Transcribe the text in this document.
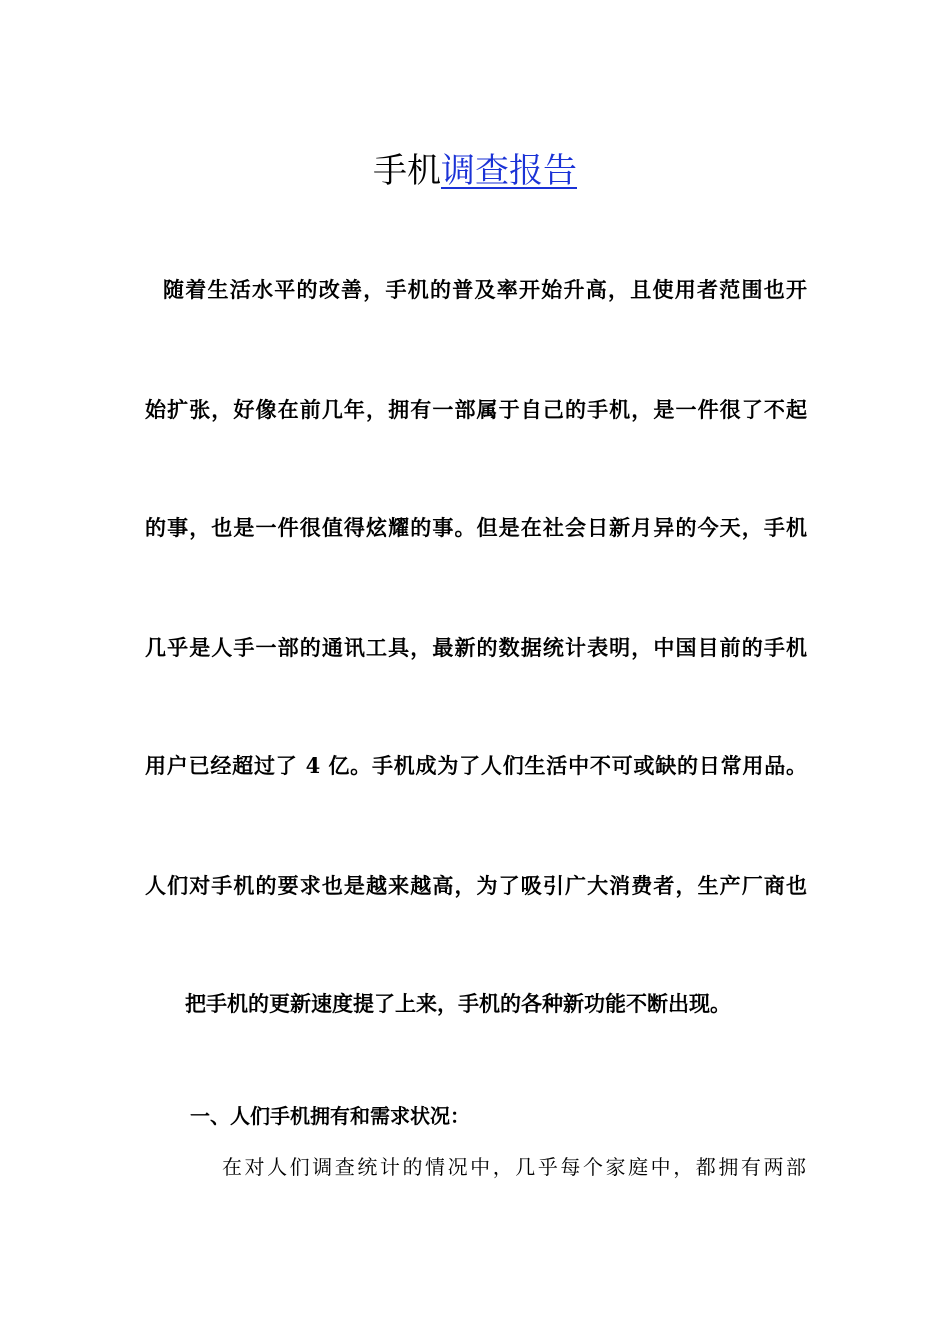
手机调查报告
随着生活水平的改善，手机的普及率开始升高，且使用者范围也开
始扩张，好像在前几年，拥有一部属于自己的手机，是一件很了不起
的事，也是一件很值得炫耀的事。但是在社会日新月异的今天，手机
几乎是人手一部的通讯工具，最新的数据统计表明，中国目前的手机
用户已经超过了 4 亿。手机成为了人们生活中不可或缺的日常用品。
人们对手机的要求也是越来越高，为了吸引广大消费者，生产厂商也
把手机的更新速度提了上来，手机的各种新功能不断出现。
一、人们手机拥有和需求状况：
在对人们调查统计的情况中，几乎每个家庭中，都拥有两部
